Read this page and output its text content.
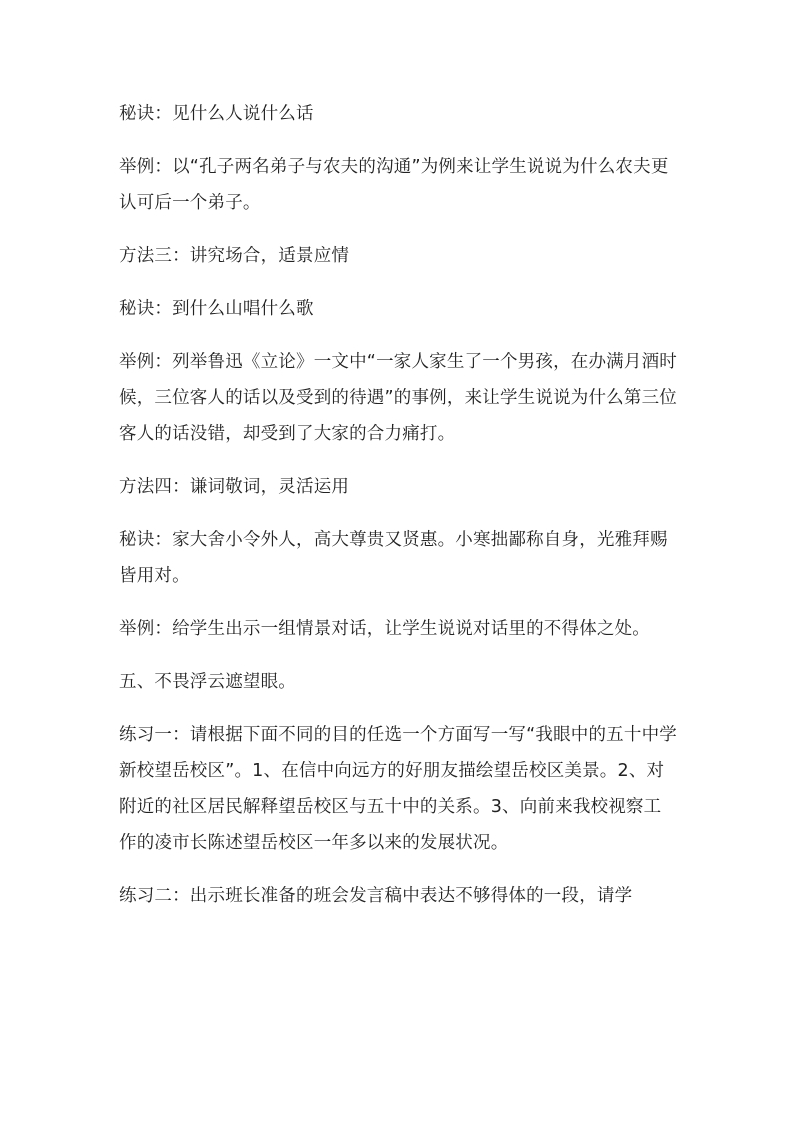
秘诀：见什么人说什么话

举例：以“孔子两名弟子与农夫的沟通”为例来让学生说说为什么农夫更认可后一个弟子。

方法三：讲究场合，适景应情

秘诀：到什么山唱什么歌

举例：列举鲁迅《立论》一文中“一家人家生了一个男孩，在办满月酒时候，三位客人的话以及受到的待遇”的事例，来让学生说说为什么第三位客人的话没错，却受到了大家的合力痛打。

方法四：谦词敬词，灵活运用

秘诀：家大舍小令外人，高大尊贵又贤惠。小寒拙鄙称自身，光雅拜赐皆用对。

举例：给学生出示一组情景对话，让学生说说对话里的不得体之处。

五、不畏浮云遮望眼。

练习一：请根据下面不同的目的任选一个方面写一写“我眼中的五十中学新校望岳校区”。1、在信中向远方的好朋友描绘望岳校区美景。2、对附近的社区居民解释望岳校区与五十中的关系。3、向前来我校视察工作的凌市长陈述望岳校区一年多以来的发展状况。

练习二：出示班长准备的班会发言稿中表达不够得体的一段，请学
